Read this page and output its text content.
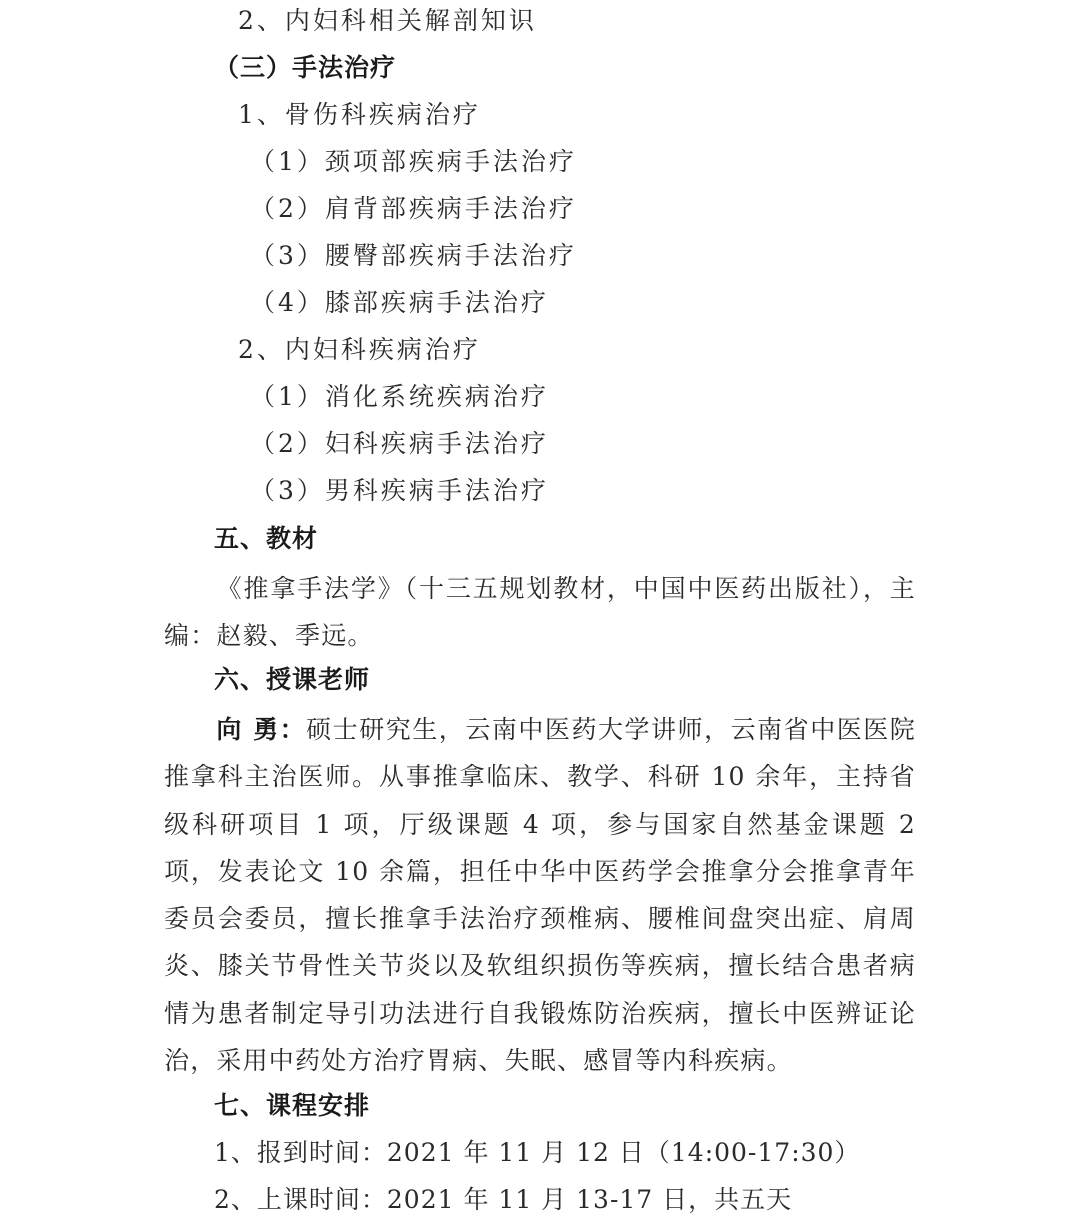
2、内妇科相关解剖知识
（三）手法治疗
1、骨伤科疾病治疗
（1）颈项部疾病手法治疗
（2）肩背部疾病手法治疗
（3）腰臀部疾病手法治疗
（4）膝部疾病手法治疗
2、内妇科疾病治疗
（1）消化系统疾病治疗
（2）妇科疾病手法治疗
（3）男科疾病手法治疗
五、教材
《推拿手法学》（十三五规划教材，中国中医药出版社），主编：赵毅、季远。
六、授课老师
向 勇：硕士研究生，云南中医药大学讲师，云南省中医医院推拿科主治医师。从事推拿临床、教学、科研 10 余年，主持省级科研项目 1 项，厅级课题 4 项，参与国家自然基金课题 2 项，发表论文 10 余篇，担任中华中医药学会推拿分会推拿青年委员会委员，擅长推拿手法治疗颈椎病、腰椎间盘突出症、肩周炎、膝关节骨性关节炎以及软组织损伤等疾病，擅长结合患者病情为患者制定导引功法进行自我锻炼防治疾病，擅长中医辨证论治，采用中药处方治疗胃病、失眠、感冒等内科疾病。
七、课程安排
1、报到时间：2021 年 11 月 12 日（14:00-17:30）
2、上课时间：2021 年 11 月 13-17 日，共五天
